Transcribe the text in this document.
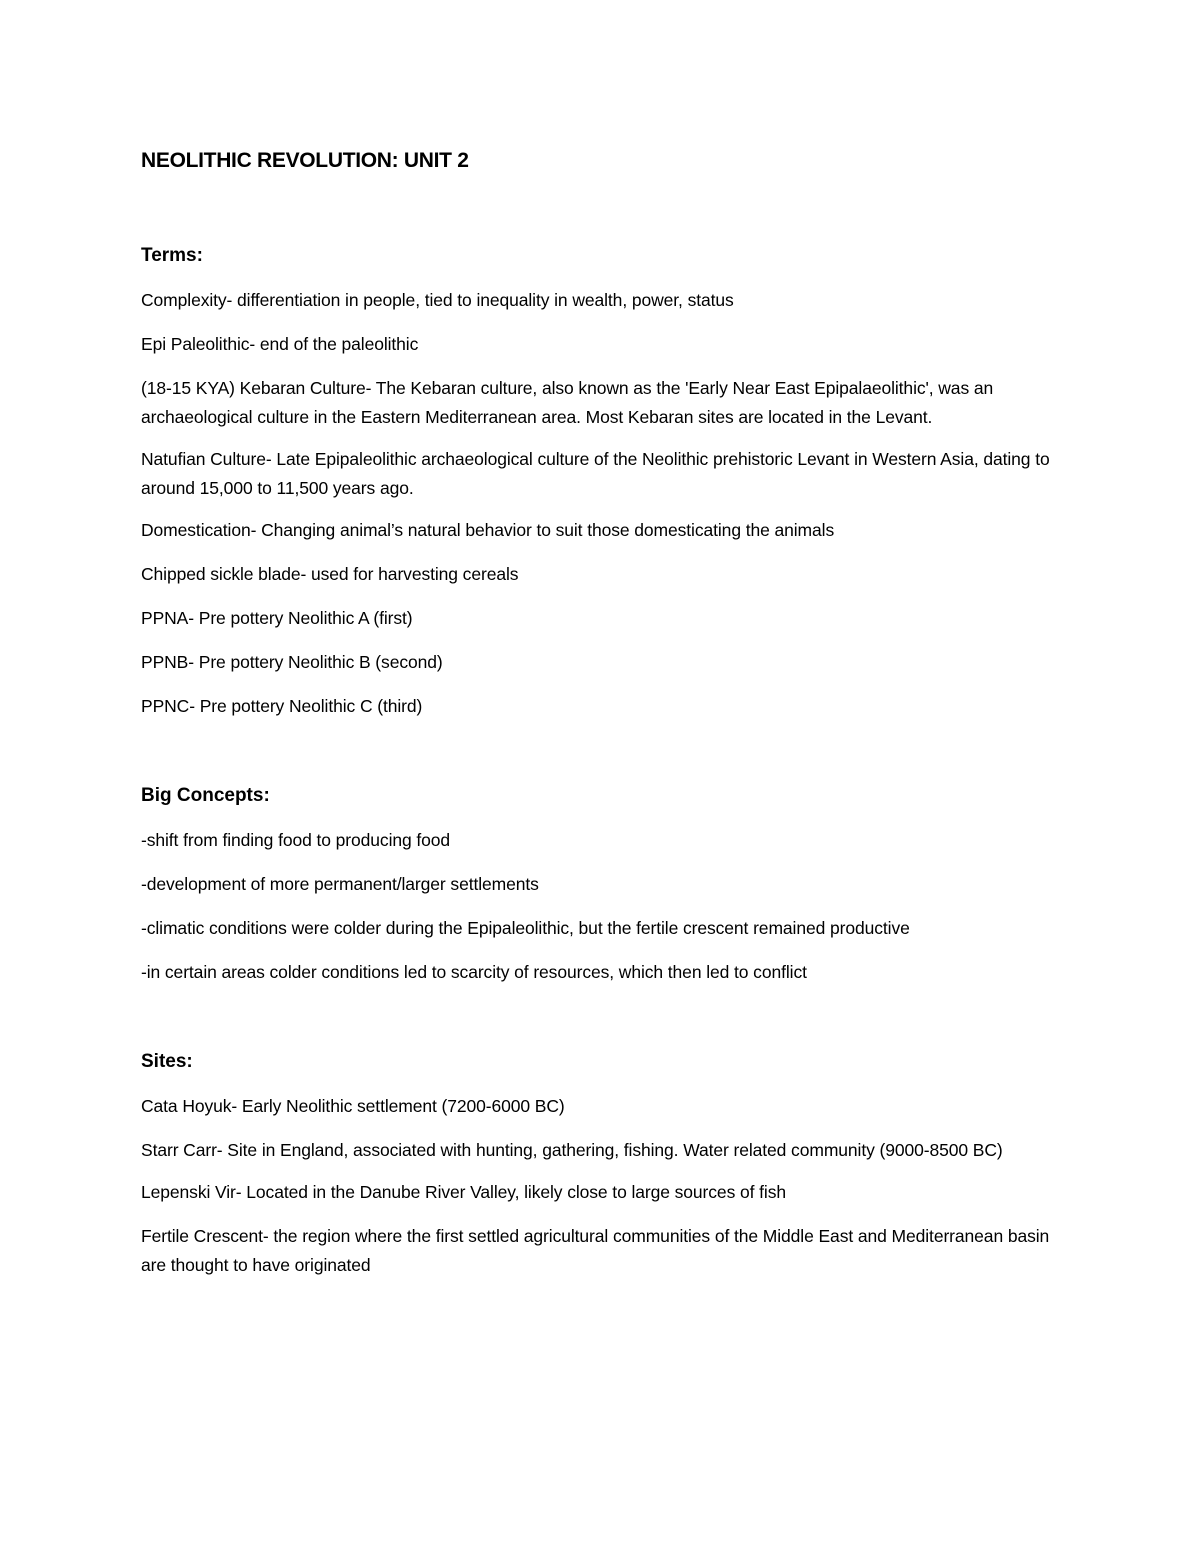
NEOLITHIC REVOLUTION: UNIT 2
Terms:

Complexity- differentiation in people, tied to inequality in wealth, power, status

Epi Paleolithic- end of the paleolithic

(18-15 KYA) Kebaran Culture- The Kebaran culture, also known as the 'Early Near East Epipalaeolithic', was an archaeological culture in the Eastern Mediterranean area. Most Kebaran sites are located in the Levant.

Natufian Culture- Late Epipaleolithic archaeological culture of the Neolithic prehistoric Levant in Western Asia, dating to around 15,000 to 11,500 years ago.

Domestication- Changing animal’s natural behavior to suit those domesticating the animals

Chipped sickle blade- used for harvesting cereals

PPNA- Pre pottery Neolithic A (first)

PPNB- Pre pottery Neolithic B (second)

PPNC- Pre pottery Neolithic C (third)

Big Concepts:

-shift from finding food to producing food

-development of more permanent/larger settlements

-climatic conditions were colder during the Epipaleolithic, but the fertile crescent remained productive

-in certain areas colder conditions led to scarcity of resources, which then led to conflict

Sites:

Cata Hoyuk- Early Neolithic settlement (7200-6000 BC)

Starr Carr- Site in England, associated with hunting, gathering, fishing. Water related community (9000-8500 BC)

Lepenski Vir- Located in the Danube River Valley, likely close to large sources of fish

Fertile Crescent- the region where the first settled agricultural communities of the Middle East and Mediterranean basin are thought to have originated
